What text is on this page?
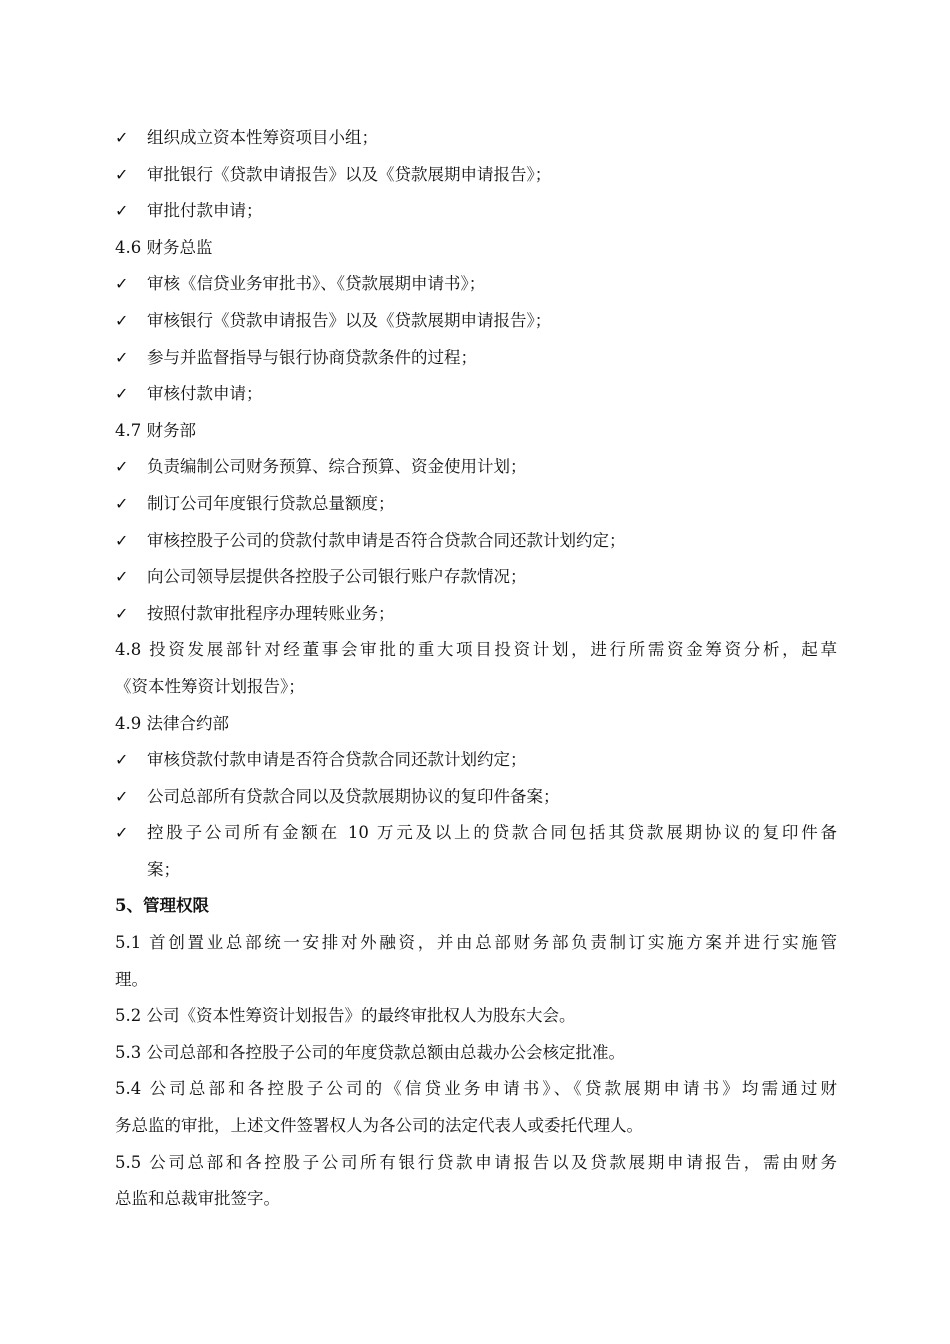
✓ 组织成立资本性筹资项目小组；
✓ 审批银行《贷款申请报告》以及《贷款展期申请报告》；
✓ 审批付款申请；
4.6 财务总监
✓ 审核《信贷业务审批书》、《贷款展期申请书》；
✓ 审核银行《贷款申请报告》以及《贷款展期申请报告》；
✓ 参与并监督指导与银行协商贷款条件的过程；
✓ 审核付款申请；
4.7 财务部
✓ 负责编制公司财务预算、综合预算、资金使用计划；
✓ 制订公司年度银行贷款总量额度；
✓ 审核控股子公司的贷款付款申请是否符合贷款合同还款计划约定；
✓ 向公司领导层提供各控股子公司银行账户存款情况；
✓ 按照付款审批程序办理转账业务；
4.8 投资发展部针对经董事会审批的重大项目投资计划，进行所需资金筹资分析，起草
《资本性筹资计划报告》；
4.9 法律合约部
✓ 审核贷款付款申请是否符合贷款合同还款计划约定；
✓ 公司总部所有贷款合同以及贷款展期协议的复印件备案；
✓ 控股子公司所有金额在 10 万元及以上的贷款合同包括其贷款展期协议的复印件备
案；
5、管理权限
5.1 首创置业总部统一安排对外融资，并由总部财务部负责制订实施方案并进行实施管
理。
5.2 公司《资本性筹资计划报告》的最终审批权人为股东大会。
5.3 公司总部和各控股子公司的年度贷款总额由总裁办公会核定批准。
5.4 公司总部和各控股子公司的《信贷业务申请书》、《贷款展期申请书》均需通过财
务总监的审批，上述文件签署权人为各公司的法定代表人或委托代理人。
5.5 公司总部和各控股子公司所有银行贷款申请报告以及贷款展期申请报告，需由财务
总监和总裁审批签字。
